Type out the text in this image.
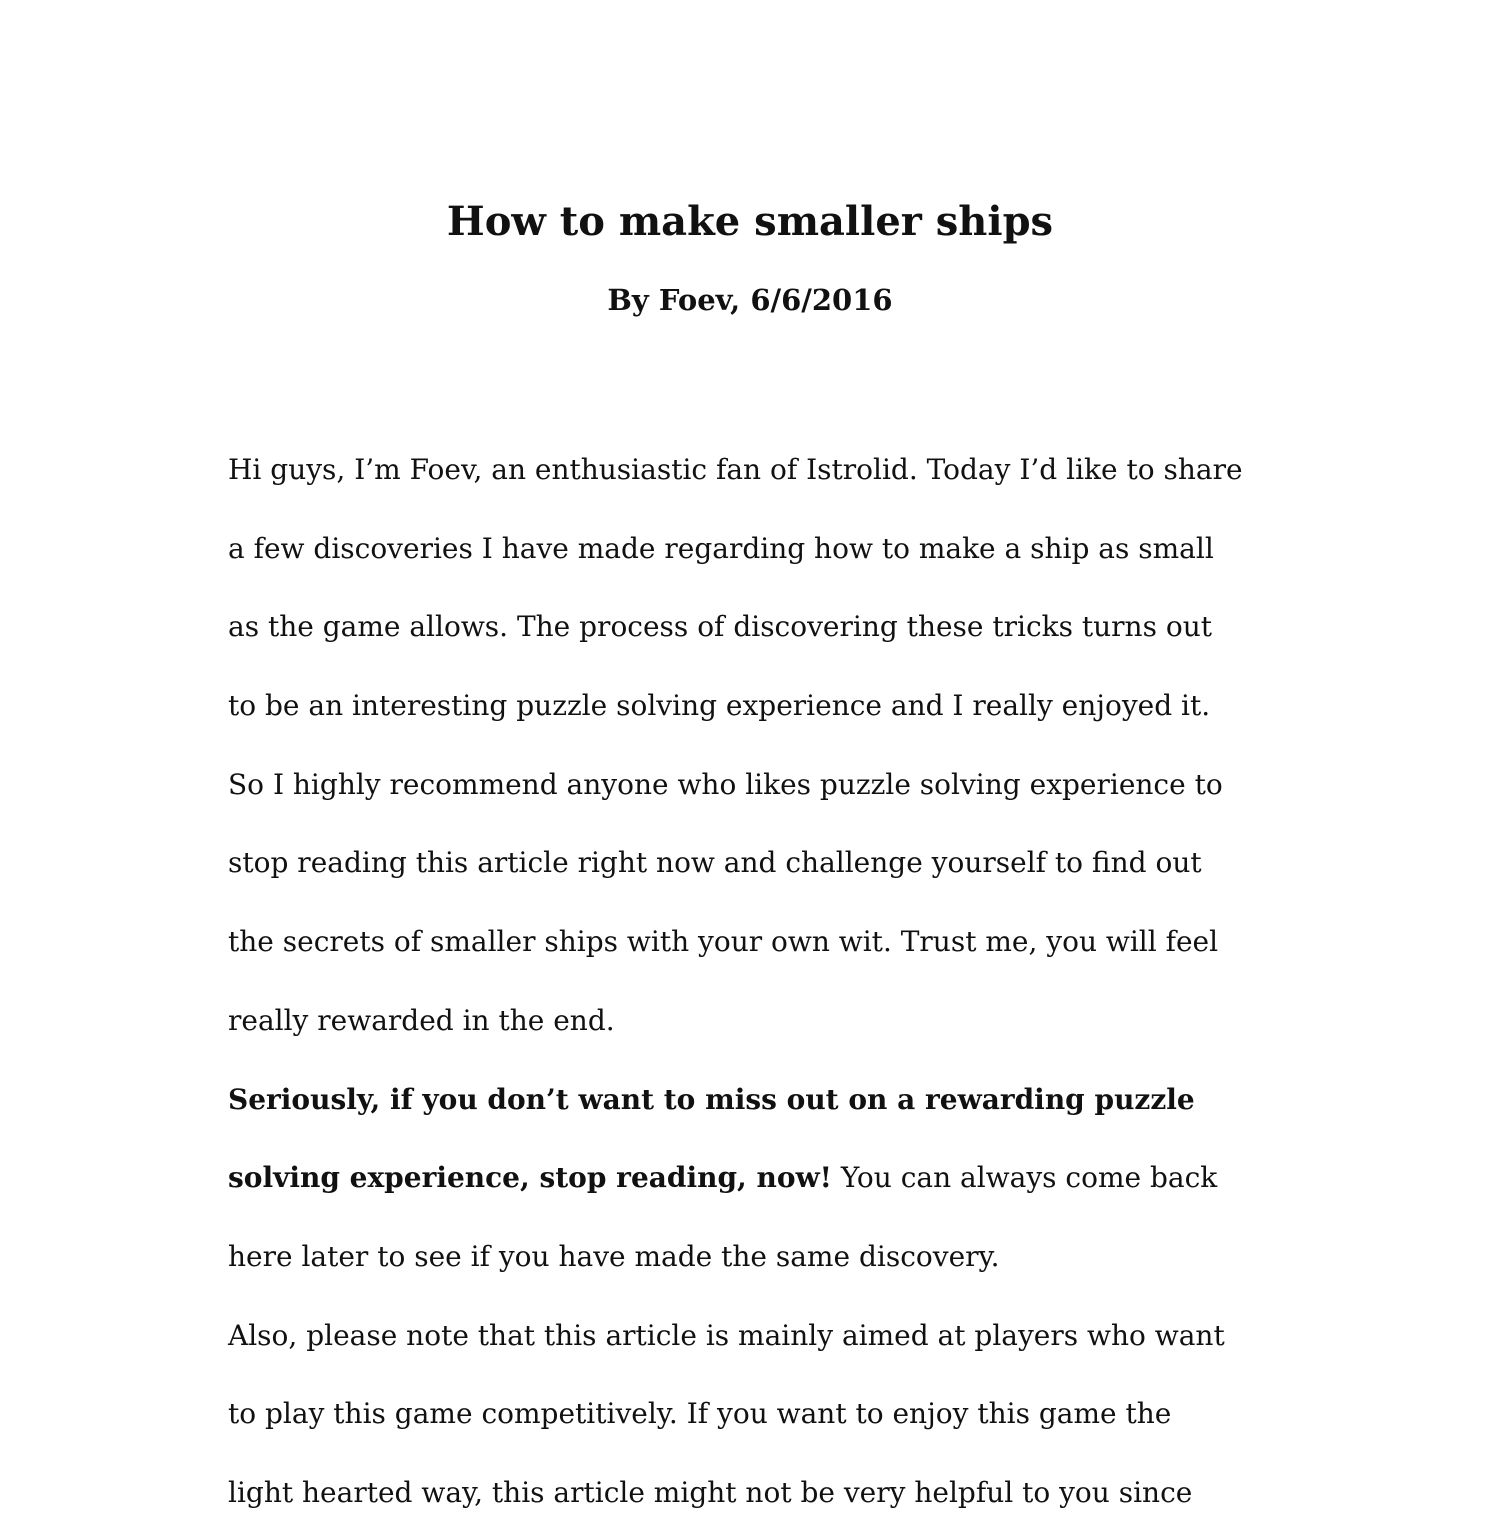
How to make smaller ships
By Foev, 6/6/2016
Hi guys, I’m Foev, an enthusiastic fan of Istrolid. Today I’d like to share
a few discoveries I have made regarding how to make a ship as small
as the game allows. The process of discovering these tricks turns out
to be an interesting puzzle solving experience and I really enjoyed it.
So I highly recommend anyone who likes puzzle solving experience to
stop reading this article right now and challenge yourself to find out
the secrets of smaller ships with your own wit. Trust me, you will feel
really rewarded in the end.
Seriously, if you don’t want to miss out on a rewarding puzzle
solving experience, stop reading, now! You can always come back
here later to see if you have made the same discovery.
Also, please note that this article is mainly aimed at players who want
to play this game competitively. If you want to enjoy this game the
light hearted way, this article might not be very helpful to you since
